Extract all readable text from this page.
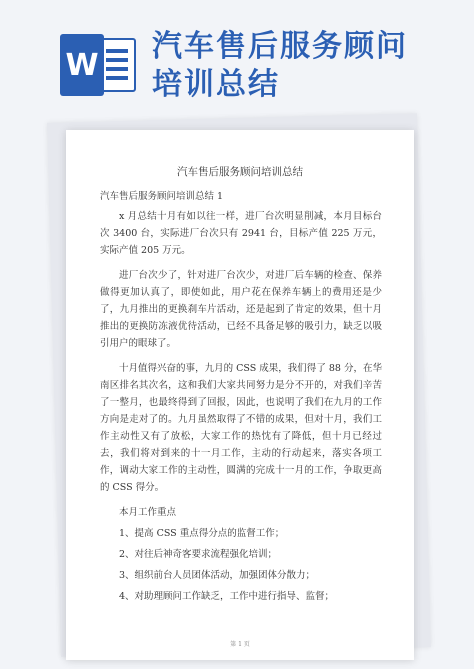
W
汽车售后服务顾问
培训总结
汽车售后服务顾问培训总结
汽车售后服务顾问培训总结 1

x 月总结十月有如以往一样，进厂台次明显削减，本月目标台次 3400 台，实际进厂台次只有 2941 台，目标产值 225 万元，实际产值 205 万元。

进厂台次少了，针对进厂台次少，对进厂后车辆的检查、保养做得更加认真了，即使如此，用户花在保养车辆上的费用还是少了，九月推出的更换刹车片活动，还是起到了肯定的效果，但十月推出的更换防冻液优待活动，已经不具备足够的吸引力，缺乏以吸引用户的眼球了。

十月值得兴奋的事，九月的 CSS 成果，我们得了 88 分，在华南区排名其次名，这和我们大家共同努力是分不开的，对我们辛苦了一整月，也最终得到了回报，因此，也说明了我们在九月的工作方向是走对了的。九月虽然取得了不错的成果，但对十月，我们工作主动性又有了放松，大家工作的热忱有了降低，但十月已经过去，我们将对到来的十一月工作，主动的行动起来，落实各项工作，调动大家工作的主动性，圆满的完成十一月的工作，争取更高的 CSS 得分。

本月工作重点

1、提高 CSS 重点得分点的监督工作；

2、对往后神奇客要求流程强化培训；

3、组织前台人员团体活动，加强团体分散力；

4、对助理顾问工作缺乏，工作中进行指导、监督；

第 1 页
